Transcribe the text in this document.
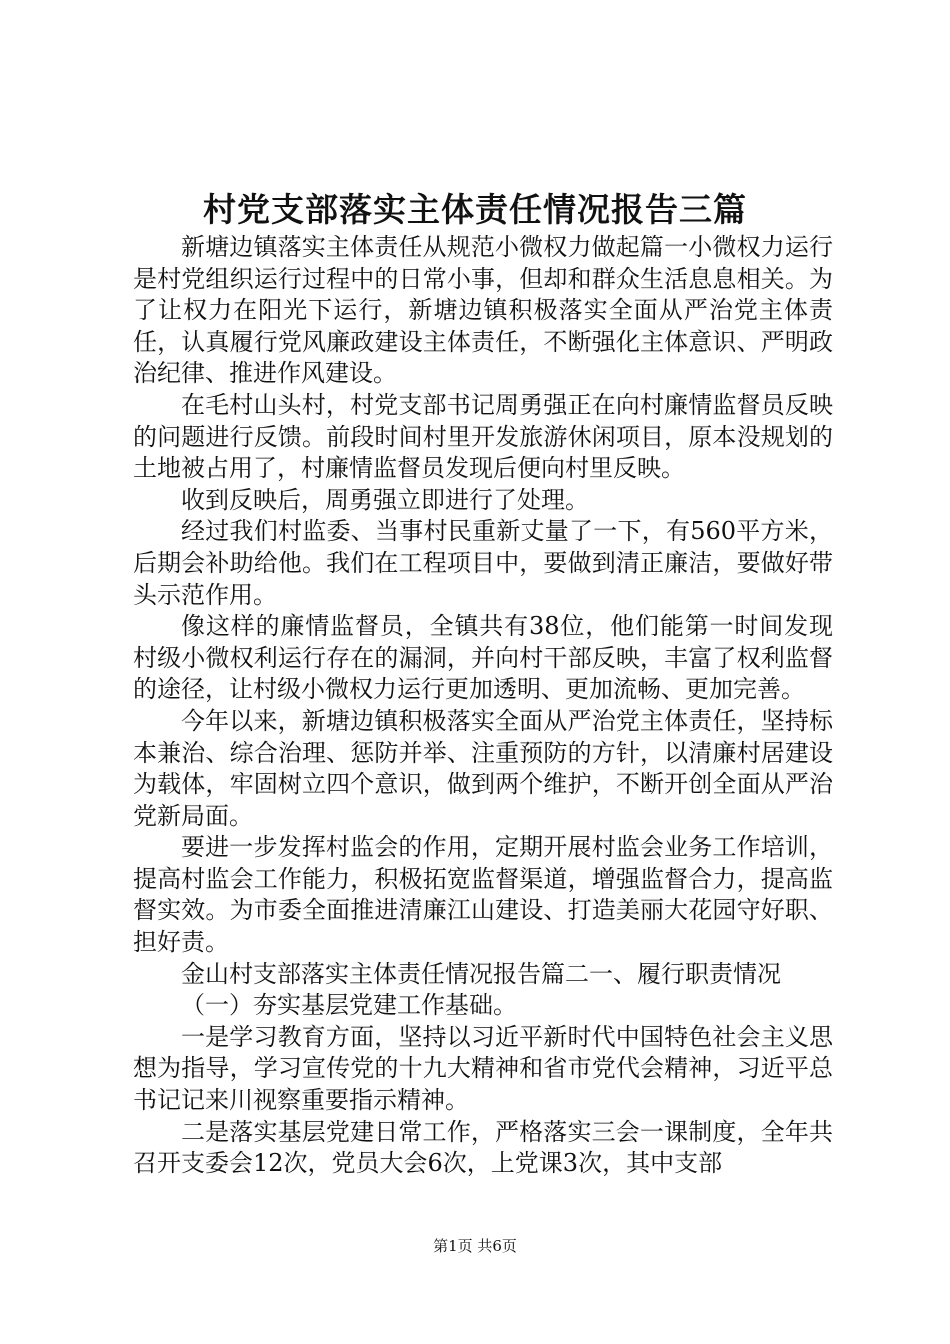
村党支部落实主体责任情况报告三篇

新塘边镇落实主体责任从规范小微权力做起篇一小微权力运行是村党组织运行过程中的日常小事，但却和群众生活息息相关。为了让权力在阳光下运行，新塘边镇积极落实全面从严治党主体责任，认真履行党风廉政建设主体责任，不断强化主体意识、严明政治纪律、推进作风建设。

在毛村山头村，村党支部书记周勇强正在向村廉情监督员反映的问题进行反馈。前段时间村里开发旅游休闲项目，原本没规划的土地被占用了，村廉情监督员发现后便向村里反映。

收到反映后，周勇强立即进行了处理。

经过我们村监委、当事村民重新丈量了一下，有560平方米，后期会补助给他。我们在工程项目中，要做到清正廉洁，要做好带头示范作用。

像这样的廉情监督员，全镇共有38位，他们能第一时间发现村级小微权利运行存在的漏洞，并向村干部反映，丰富了权利监督的途径，让村级小微权力运行更加透明、更加流畅、更加完善。

今年以来，新塘边镇积极落实全面从严治党主体责任，坚持标本兼治、综合治理、惩防并举、注重预防的方针，以清廉村居建设为载体，牢固树立四个意识，做到两个维护，不断开创全面从严治党新局面。

要进一步发挥村监会的作用，定期开展村监会业务工作培训，提高村监会工作能力，积极拓宽监督渠道，增强监督合力，提高监督实效。为市委全面推进清廉江山建设、打造美丽大花园守好职、担好责。

金山村支部落实主体责任情况报告篇二一、履行职责情况

（一）夯实基层党建工作基础。

一是学习教育方面，坚持以习近平新时代中国特色社会主义思想为指导，学习宣传党的十九大精神和省市党代会精神，习近平总书记记来川视察重要指示精神。

二是落实基层党建日常工作，严格落实三会一课制度，全年共召开支委会12次，党员大会6次，上党课3次，其中支部

第1页 共6页
